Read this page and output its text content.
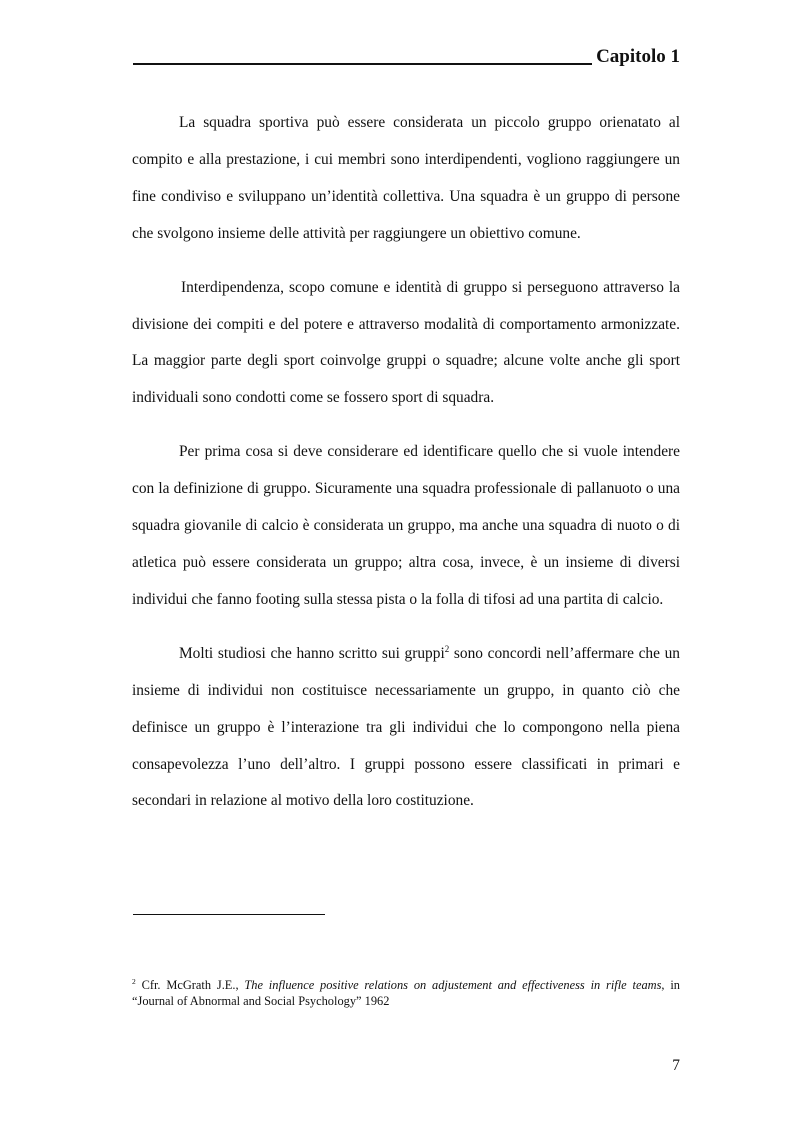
Capitolo 1

La squadra sportiva può essere considerata un piccolo gruppo orienatato al compito e alla prestazione, i cui membri sono interdipendenti, vogliono raggiungere un fine condiviso e sviluppano un’identità collettiva. Una squadra è un gruppo di persone che svolgono insieme delle attività per raggiungere un obiettivo comune.

Interdipendenza, scopo comune e identità di gruppo si perseguono attraverso la divisione dei compiti e del potere e attraverso modalità di comportamento armonizzate. La maggior parte degli sport coinvolge gruppi o squadre; alcune volte anche gli sport individuali sono condotti come se fossero sport di squadra.

Per prima cosa si deve considerare ed identificare quello che si vuole intendere con la definizione di gruppo. Sicuramente una squadra professionale di pallanuoto o una squadra giovanile di calcio è considerata un gruppo, ma anche una squadra di nuoto o di atletica può essere considerata un gruppo; altra cosa, invece, è un insieme di diversi individui che fanno footing sulla stessa pista o la folla di tifosi ad una partita di calcio.

Molti studiosi che hanno scritto sui gruppi$^2$ sono concordi nell’affermare che un insieme di individui non costituisce necessariamente un gruppo, in quanto ciò che definisce un gruppo è l’interazione tra gli individui che lo compongono nella piena consapevolezza l’uno dell’altro. I gruppi possono essere classificati in primari e secondari in relazione al motivo della loro costituzione.

$^2$ Cfr. McGrath J.E., The influence positive relations on adjustement and effectiveness in rifle teams, in “Journal of Abnormal and Social Psychology” 1962
7
